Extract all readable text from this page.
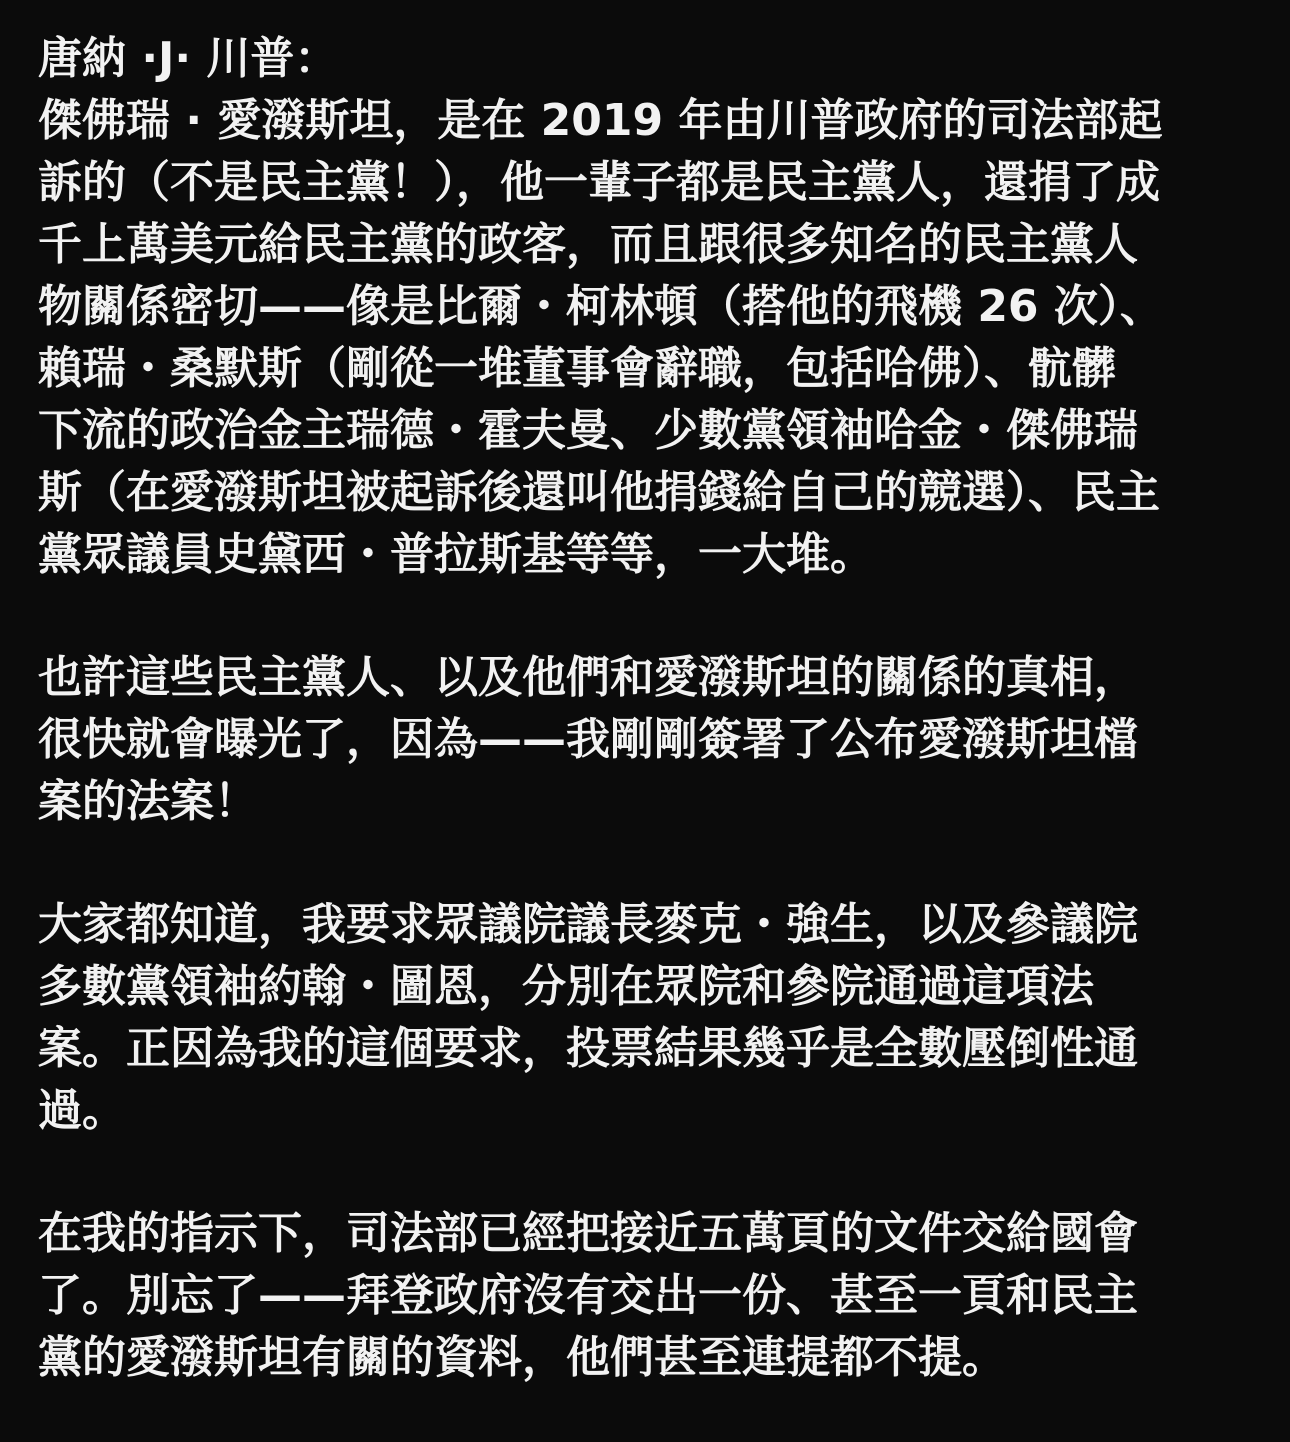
唐納 ·J· 川普：
傑佛瑞 · 愛潑斯坦，是在 2019 年由川普政府的司法部起
訴的（不是民主黨！），他一輩子都是民主黨人，還捐了成
千上萬美元給民主黨的政客，而且跟很多知名的民主黨人
物關係密切——像是比爾・柯林頓（搭他的飛機 26 次）、
賴瑞・桑默斯（剛從一堆董事會辭職，包括哈佛）、骯髒
下流的政治金主瑞德・霍夫曼、少數黨領袖哈金・傑佛瑞
斯（在愛潑斯坦被起訴後還叫他捐錢給自己的競選）、民主
黨眾議員史黛西・普拉斯基等等，一大堆。
也許這些民主黨人、以及他們和愛潑斯坦的關係的真相，
很快就會曝光了，因為——我剛剛簽署了公布愛潑斯坦檔
案的法案！
大家都知道，我要求眾議院議長麥克・強生，以及參議院
多數黨領袖約翰・圖恩，分別在眾院和參院通過這項法
案。正因為我的這個要求，投票結果幾乎是全數壓倒性通
過。
在我的指示下，司法部已經把接近五萬頁的文件交給國會
了。別忘了——拜登政府沒有交出一份、甚至一頁和民主
黨的愛潑斯坦有關的資料，他們甚至連提都不提。
